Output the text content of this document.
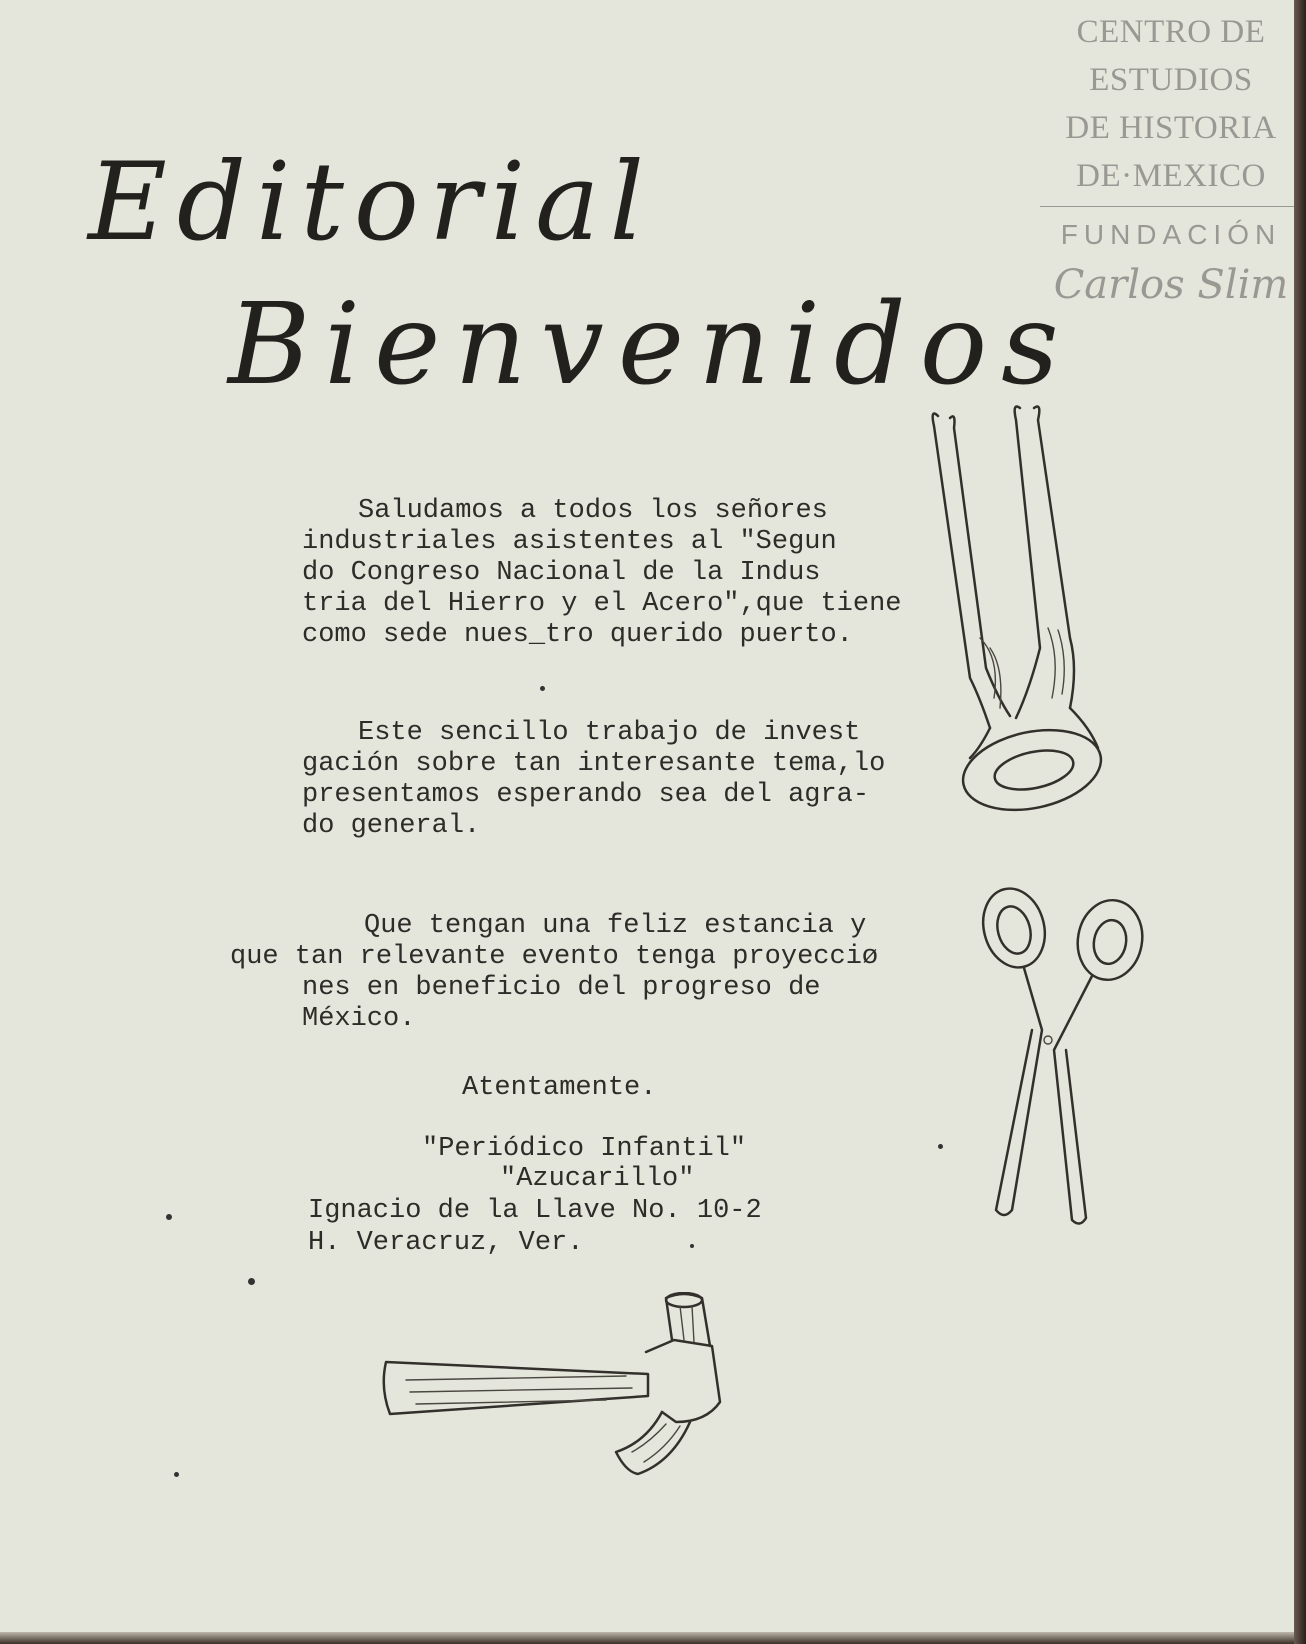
CENTRO DE
ESTUDIOS
DE HISTORIA
DE·MEXICO
FUNDACIÓN
Carlos Slim
Editorial
Bienvenidos
Saludamos a todos los señores
industriales asistentes al "Segun
do Congreso Nacional de la Indus
tria del Hierro y el Acero",que tiene
como sede nues_tro querido puerto.
Este sencillo trabajo de invest
gación sobre tan interesante tema,lo
presentamos esperando sea del agra-
do general.
Que tengan una feliz estancia y
que tan relevante evento tenga proyecciø
nes en beneficio del progreso de
México.
Atentamente.
"Periódico Infantil"
"Azucarillo"
Ignacio de la Llave No. 10-2
H. Veracruz, Ver.
